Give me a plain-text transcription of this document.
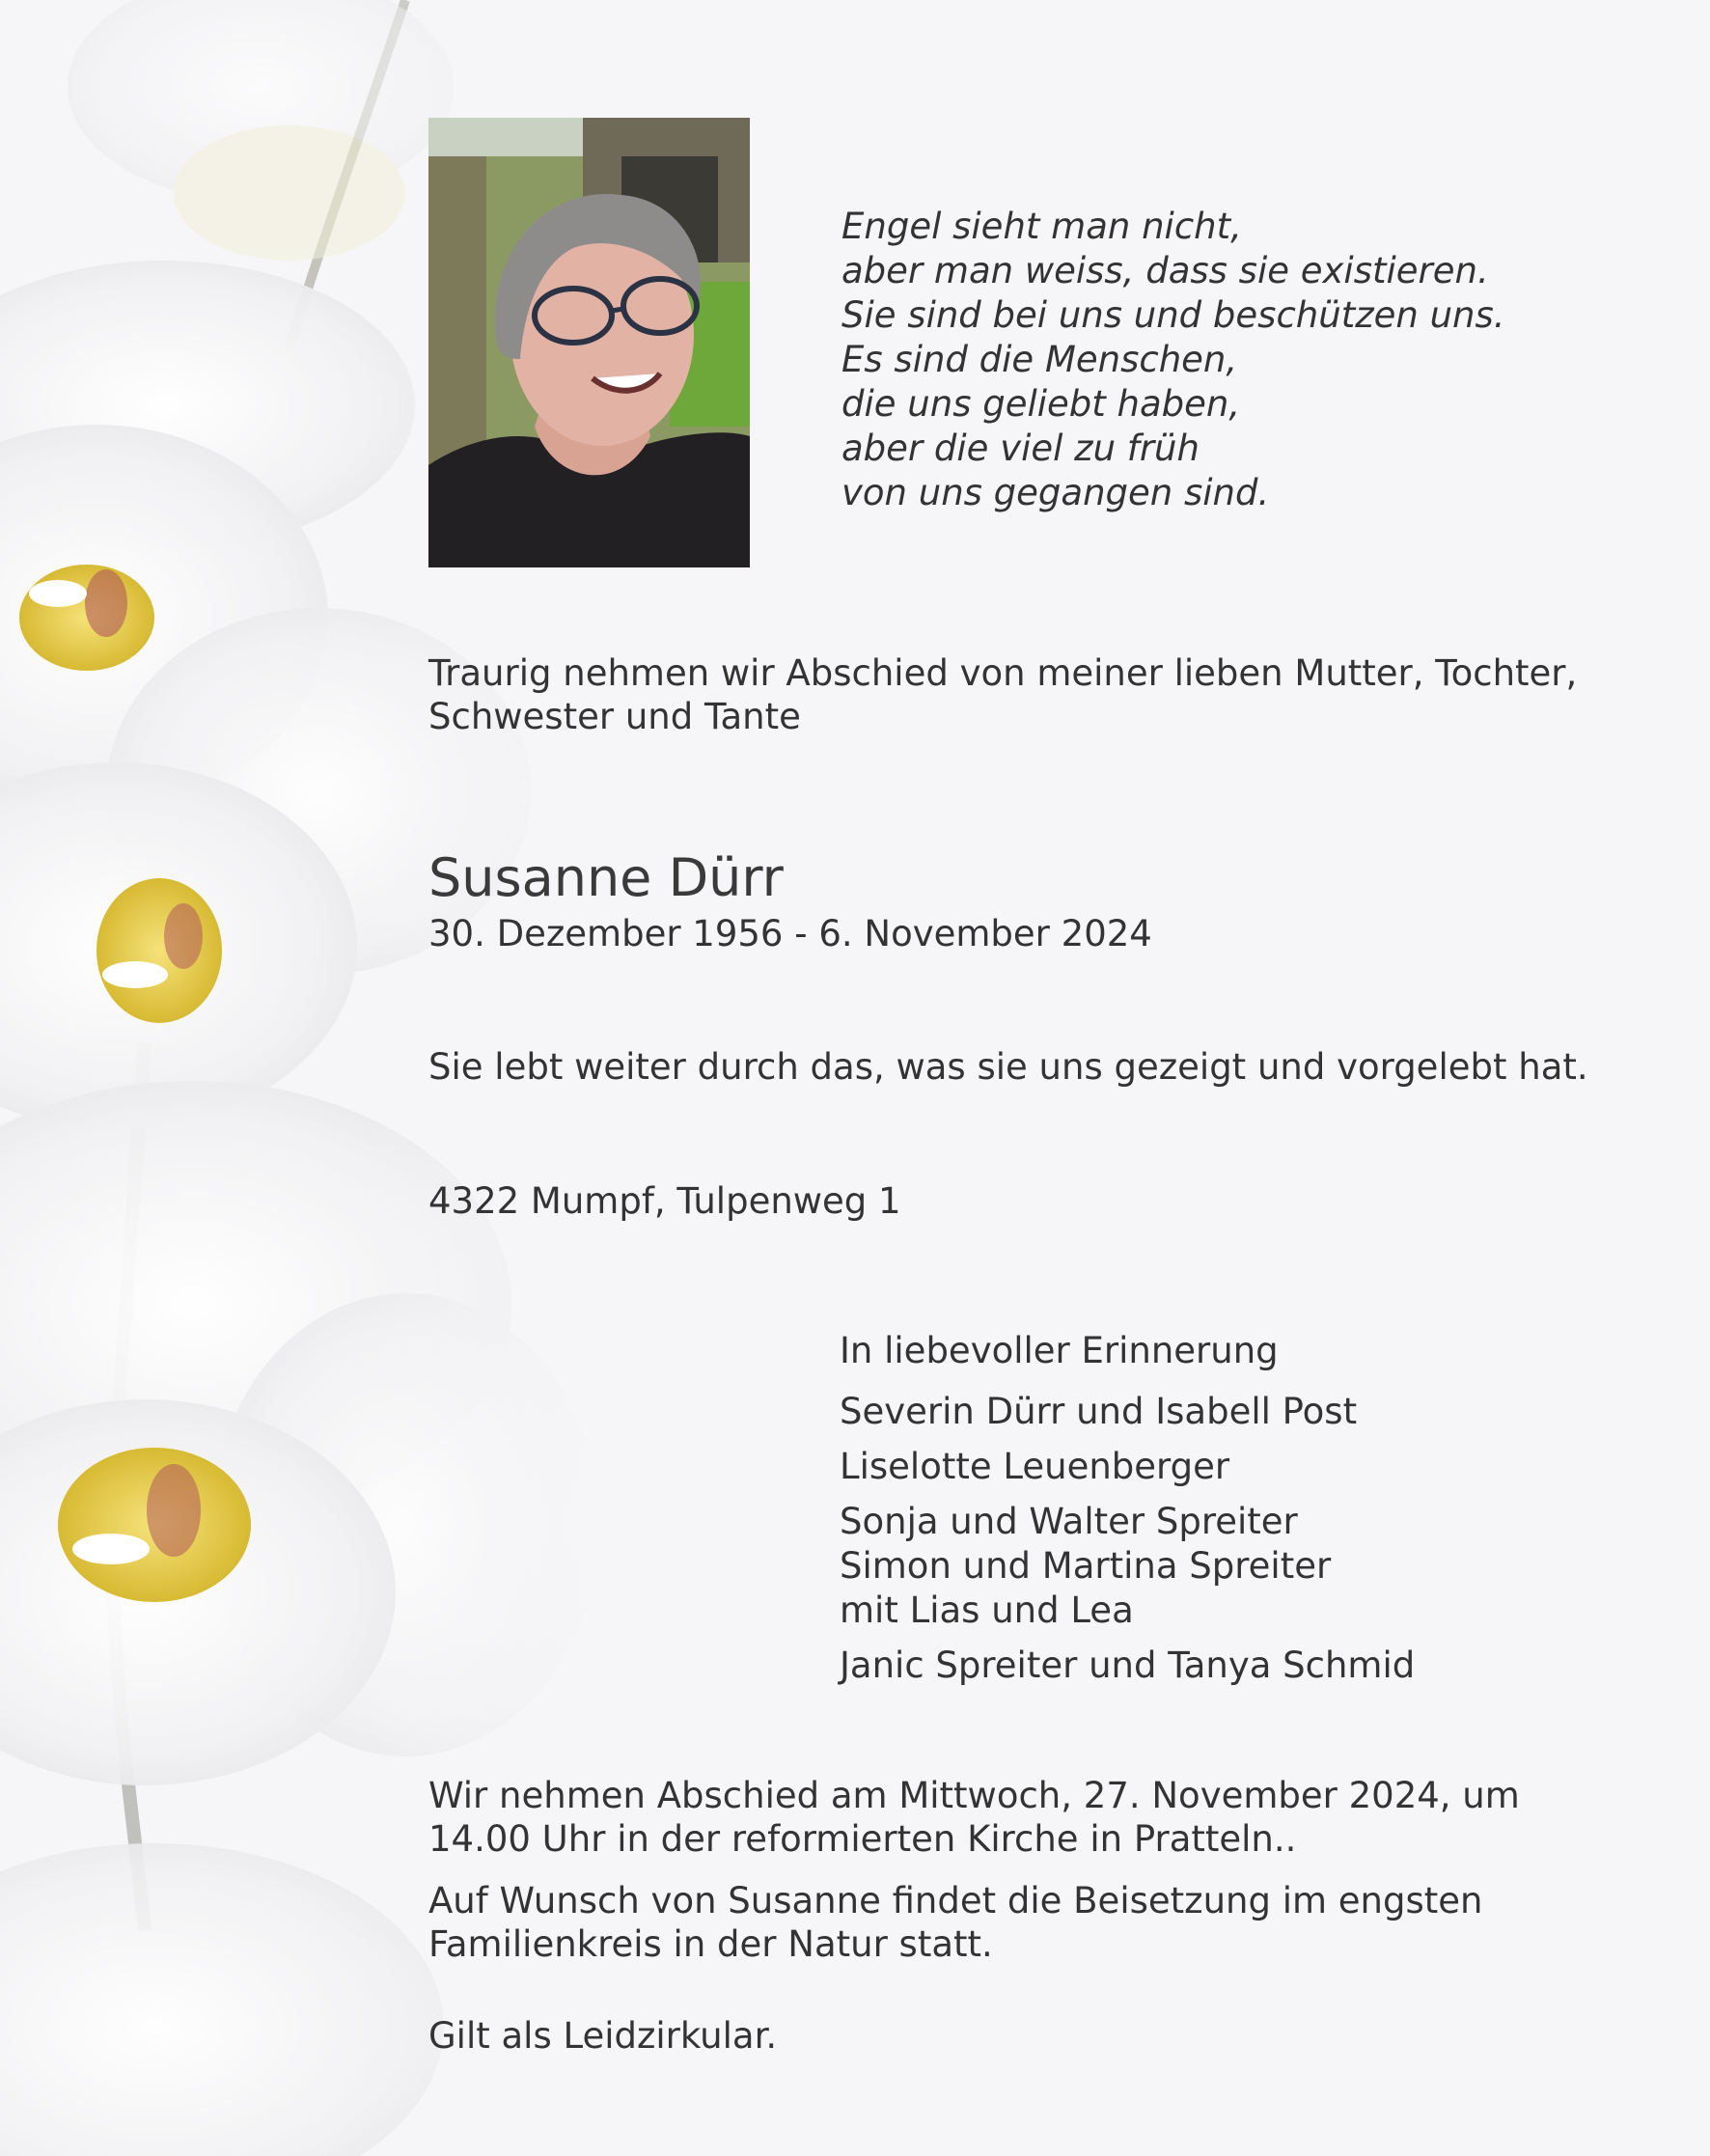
Engel sieht man nicht,
aber man weiss, dass sie existieren.
Sie sind bei uns und beschützen uns.
Es sind die Menschen,
die uns geliebt haben,
aber die viel zu früh
von uns gegangen sind.
Traurig nehmen wir Abschied von meiner lieben Mutter, Tochter,
Schwester und Tante
Susanne Dürr
30. Dezember 1956 - 6. November 2024
Sie lebt weiter durch das, was sie uns gezeigt und vorgelebt hat.
4322 Mumpf, Tulpenweg 1
In liebevoller Erinnerung
Severin Dürr und Isabell Post
Liselotte Leuenberger
Sonja und Walter Spreiter
Simon und Martina Spreiter
mit Lias und Lea
Janic Spreiter und Tanya Schmid
Wir nehmen Abschied am Mittwoch, 27. November 2024, um
14.00 Uhr in der reformierten Kirche in Pratteln..
Auf Wunsch von Susanne findet die Beisetzung im engsten
Familienkreis in der Natur statt.
Gilt als Leidzirkular.
